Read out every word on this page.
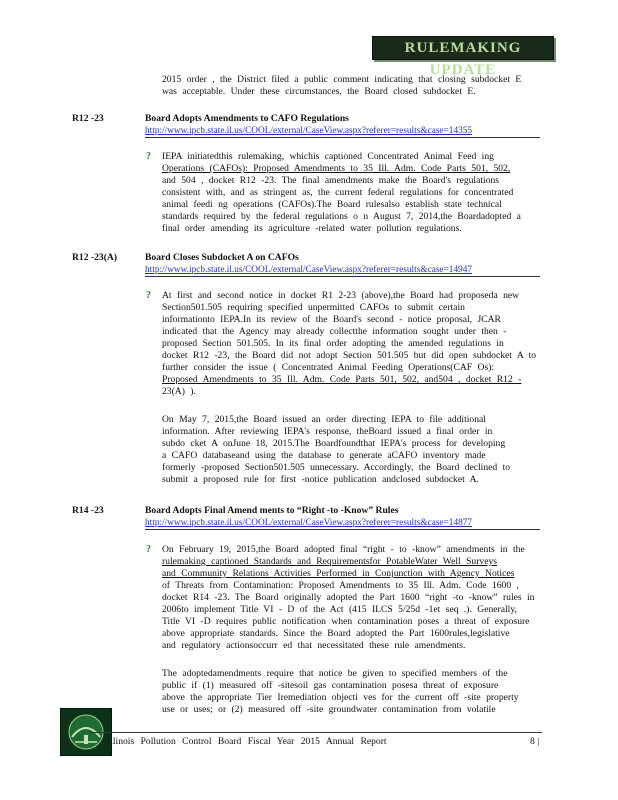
RULEMAKING UPDATE
2015 order , the District filed a public comment indicating that closing subdocket E
was acceptable. Under these circumstances, the Board closed subdocket E.
R12 -23	Board Adopts Amendments to CAFO Regulations
http://www.ipcb.state.il.us/COOL/external/CaseView.aspx?referer=results&case=14355
? IEPA initiatedthis rulemaking, whichis captioned Concentrated Animal Feed ing
Operations (CAFOs): Proposed Amendments to 35 Ill. Adm. Code Parts 501, 502,
and 504 , docket R12 -23. The final amendments make the Board's regulations
consistent with, and as stringent as, the current federal regulations for concentrated
animal feedi ng operations (CAFOs).The Board rulesalso establish state technical
standards required by the federal regulations o n August 7, 2014,the Boardadopted a
final order amending its agriculture -related water pollution regulations.
R12 -23(A)	Board Closes Subdocket A on CAFOs
http://www.ipcb.state.il.us/COOL/external/CaseView.aspx?referer=results&case=14947
? At first and second notice in docket R1 2-23 (above),the Board had proposeda new
Section501.505 requiring specified unpermitted CAFOs to submit certain
informationto IEPA.In its review of the Board's second - notice proposal, JCAR
indicated that the Agency may already collectthe information sought under then -
proposed Section 501.505. In its final order adopting the amended regulations in
docket R12 -23, the Board did not adopt Section 501.505 but did open subdocket A to
further consider the issue ( Concentrated Animal Feeding Operations(CAF Os):
Proposed Amendments to 35 Ill. Adm. Code Parts 501, 502, and504 , docket R12 -
23(A) ).
On May 7, 2015,the Board issued an order directing IEPA to file additional
information. After reviewing IEPA's response, theBoard issued a final order in
subdo cket A onJune 18, 2015.The Boardfoundthat IEPA's process for developing
a CAFO databaseand using the database to generate aCAFO inventory made
formerly -proposed Section501.505 unnecessary. Accordingly, the Board declined to
submit a proposed rule for first -notice publication andclosed subdocket A.
R14 -23	Board Adopts Final Amend ments to “Right -to -Know” Rules
http://www.ipcb.state.il.us/COOL/external/CaseView.aspx?referer=results&case=14877
? On February 19, 2015,the Board adopted final “right - to -know” amendments in the
rulemaking captioned Standards and Requirementsfor PotableWater Well Surveys
and Community Relations Activities Performed in Conjunction with Agency Notices
of Threats from Contamination: Proposed Amendments to 35 Ill. Adm. Code 1600 ,
docket R14 -23. The Board originally adopted the Part 1600 “right -to -know” rules in
2006to implement Title VI - D of the Act (415 ILCS 5/25d -1et seq .). Generally,
Title VI -D requires public notification when contamination poses a threat of exposure
above appropriate standards. Since the Board adopted the Part 1600rules,legislative
and regulatory actionsoccurr ed that necessitated these rule amendments.
The adoptedamendments require that notice be given to specified members of the
public if (1) measured off -sitesoil gas contamination posesa threat of exposure
above the appropriate Tier Iremediation objecti ves for the current off -site property
use or uses; or (2) measured off -site groundwater contamination from volatile
Illinois Pollution Control Board Fiscal Year 2015 Annual Report	8 |
